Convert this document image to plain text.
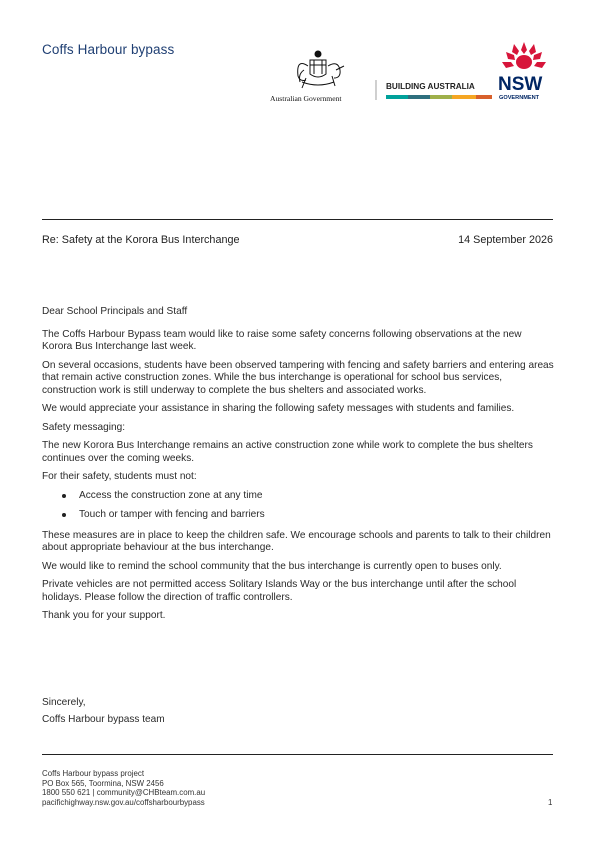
Coffs Harbour bypass
Australian Government
BUILDING AUSTRALIA NSW
GOVERNMENT
Re: Safety at the Korora Bus Interchange	14 September 2026

Dear School Principals and Staff

The Coffs Harbour Bypass team would like to raise some safety concerns following observations at the new Korora Bus Interchange last week.

On several occasions, students have been observed tampering with fencing and safety barriers and entering areas that remain active construction zones. While the bus interchange is operational for school bus services, construction work is still underway to complete the bus shelters and associated works.

We would appreciate your assistance in sharing the following safety messages with students and families.

Safety messaging:

The new Korora Bus Interchange remains an active construction zone while work to complete the bus shelters continues over the coming weeks.

For their safety, students must not:

Access the construction zone at any time
Touch or tamper with fencing and barriers

These measures are in place to keep the children safe. We encourage schools and parents to talk to their children about appropriate behaviour at the bus interchange.

We would like to remind the school community that the bus interchange is currently open to buses only.

Private vehicles are not permitted access Solitary Islands Way or the bus interchange until after the school holidays. Please follow the direction of traffic controllers.

Thank you for your support.

Sincerely,
Coffs Harbour bypass team
Coffs Harbour bypass project
PO Box 565, Toormina, NSW 2456
1800 550 621 | community@CHBteam.com.au
pacifichighway.nsw.gov.au/coffsharbourbypass	1
